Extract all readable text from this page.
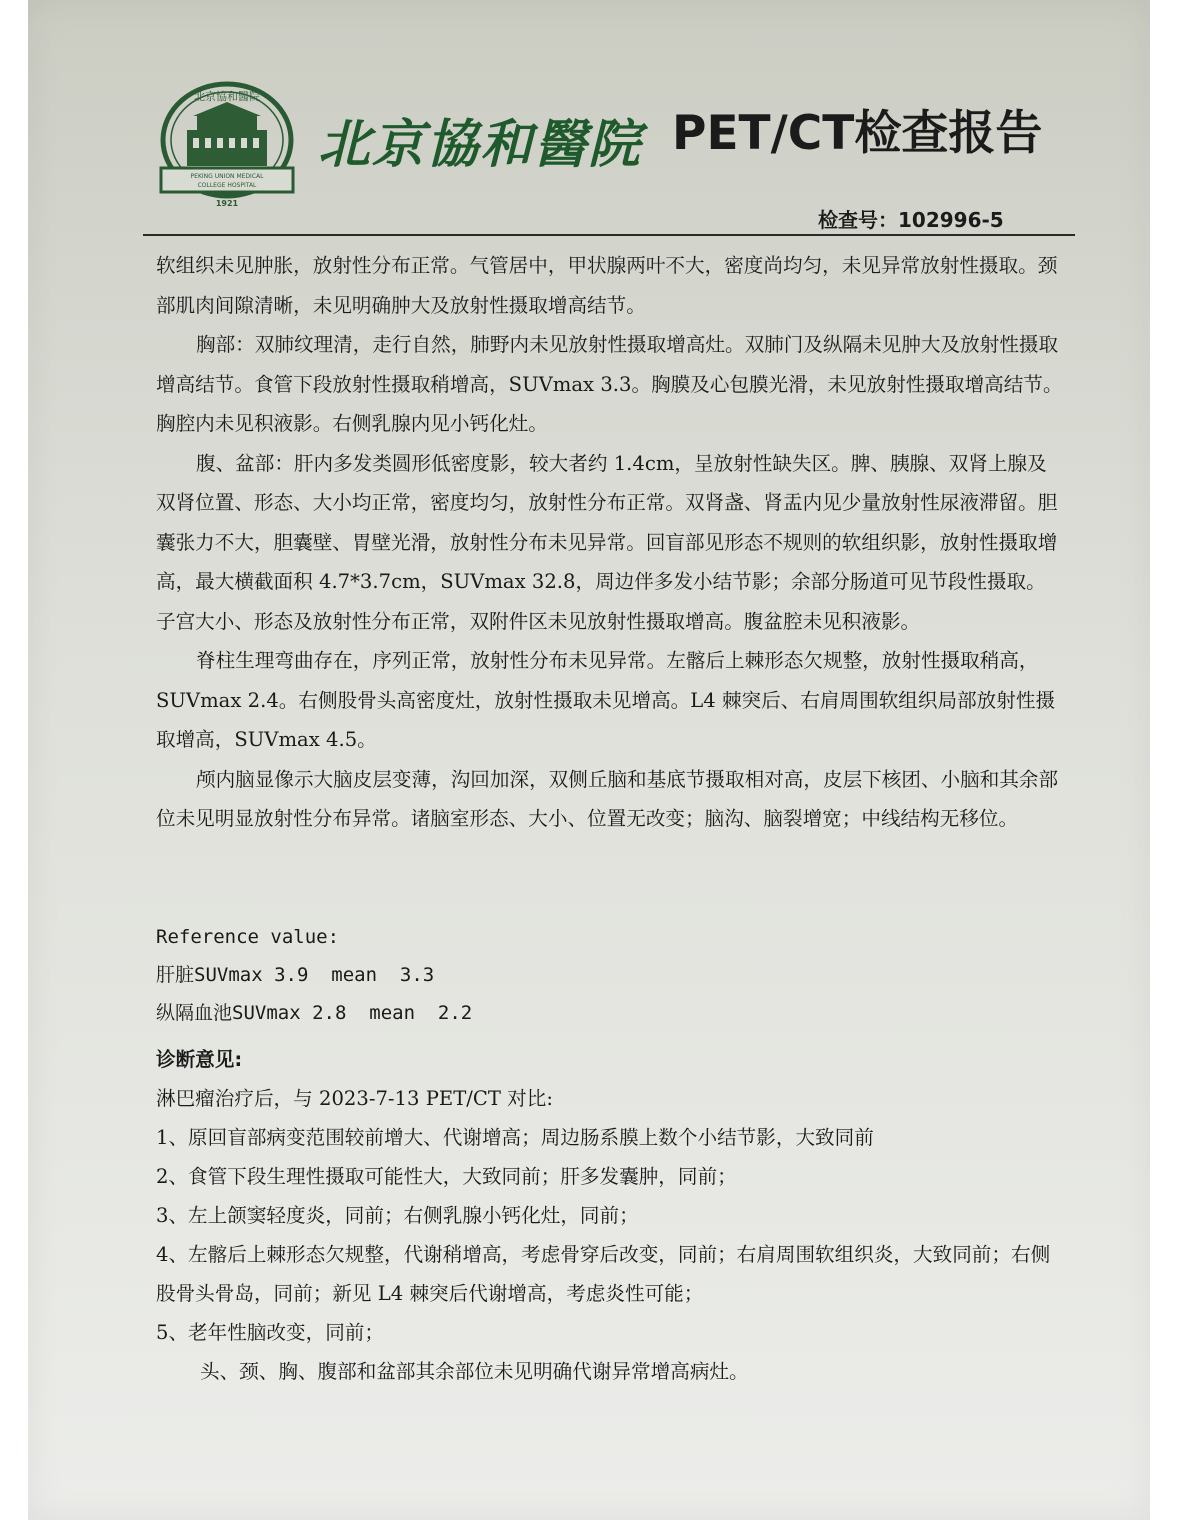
PEKING UNION MEDICAL
COLLEGE HOSPITAL
1921
北京協和醫院
北京協和醫院 PET/CT检查报告
检查号：102996-5

软组织未见肿胀，放射性分布正常。气管居中，甲状腺两叶不大，密度尚均匀，未见异常放射性摄取。颈部肌肉间隙清晰，未见明确肿大及放射性摄取增高结节。

胸部：双肺纹理清，走行自然，肺野内未见放射性摄取增高灶。双肺门及纵隔未见肿大及放射性摄取增高结节。食管下段放射性摄取稍增高，SUVmax 3.3。胸膜及心包膜光滑，未见放射性摄取增高结节。胸腔内未见积液影。右侧乳腺内见小钙化灶。

腹、盆部：肝内多发类圆形低密度影，较大者约 1.4cm，呈放射性缺失区。脾、胰腺、双肾上腺及双肾位置、形态、大小均正常，密度均匀，放射性分布正常。双肾盏、肾盂内见少量放射性尿液滞留。胆囊张力不大，胆囊壁、胃壁光滑，放射性分布未见异常。回盲部见形态不规则的软组织影，放射性摄取增高，最大横截面积 4.7*3.7cm，SUVmax 32.8，周边伴多发小结节影；余部分肠道可见节段性摄取。子宫大小、形态及放射性分布正常，双附件区未见放射性摄取增高。腹盆腔未见积液影。

脊柱生理弯曲存在，序列正常，放射性分布未见异常。左髂后上棘形态欠规整，放射性摄取稍高，SUVmax 2.4。右侧股骨头高密度灶，放射性摄取未见增高。L4 棘突后、右肩周围软组织局部放射性摄取增高，SUVmax 4.5。

颅内脑显像示大脑皮层变薄，沟回加深，双侧丘脑和基底节摄取相对高，皮层下核团、小脑和其余部位未见明显放射性分布异常。诸脑室形态、大小、位置无改变；脑沟、脑裂增宽；中线结构无移位。

Reference value:
肝脏SUVmax 3.9  mean  3.3
纵隔血池SUVmax 2.8  mean  2.2

诊断意见:

淋巴瘤治疗后，与 2023-7-13 PET/CT 对比:

1、原回盲部病变范围较前增大、代谢增高；周边肠系膜上数个小结节影，大致同前

2、食管下段生理性摄取可能性大，大致同前；肝多发囊肿，同前；

3、左上颌窦轻度炎，同前；右侧乳腺小钙化灶，同前；

4、左髂后上棘形态欠规整，代谢稍增高，考虑骨穿后改变，同前；右肩周围软组织炎，大致同前；右侧股骨头骨岛，同前；新见 L4 棘突后代谢增高，考虑炎性可能；

5、老年性脑改变，同前；

头、颈、胸、腹部和盆部其余部位未见明确代谢异常增高病灶。
